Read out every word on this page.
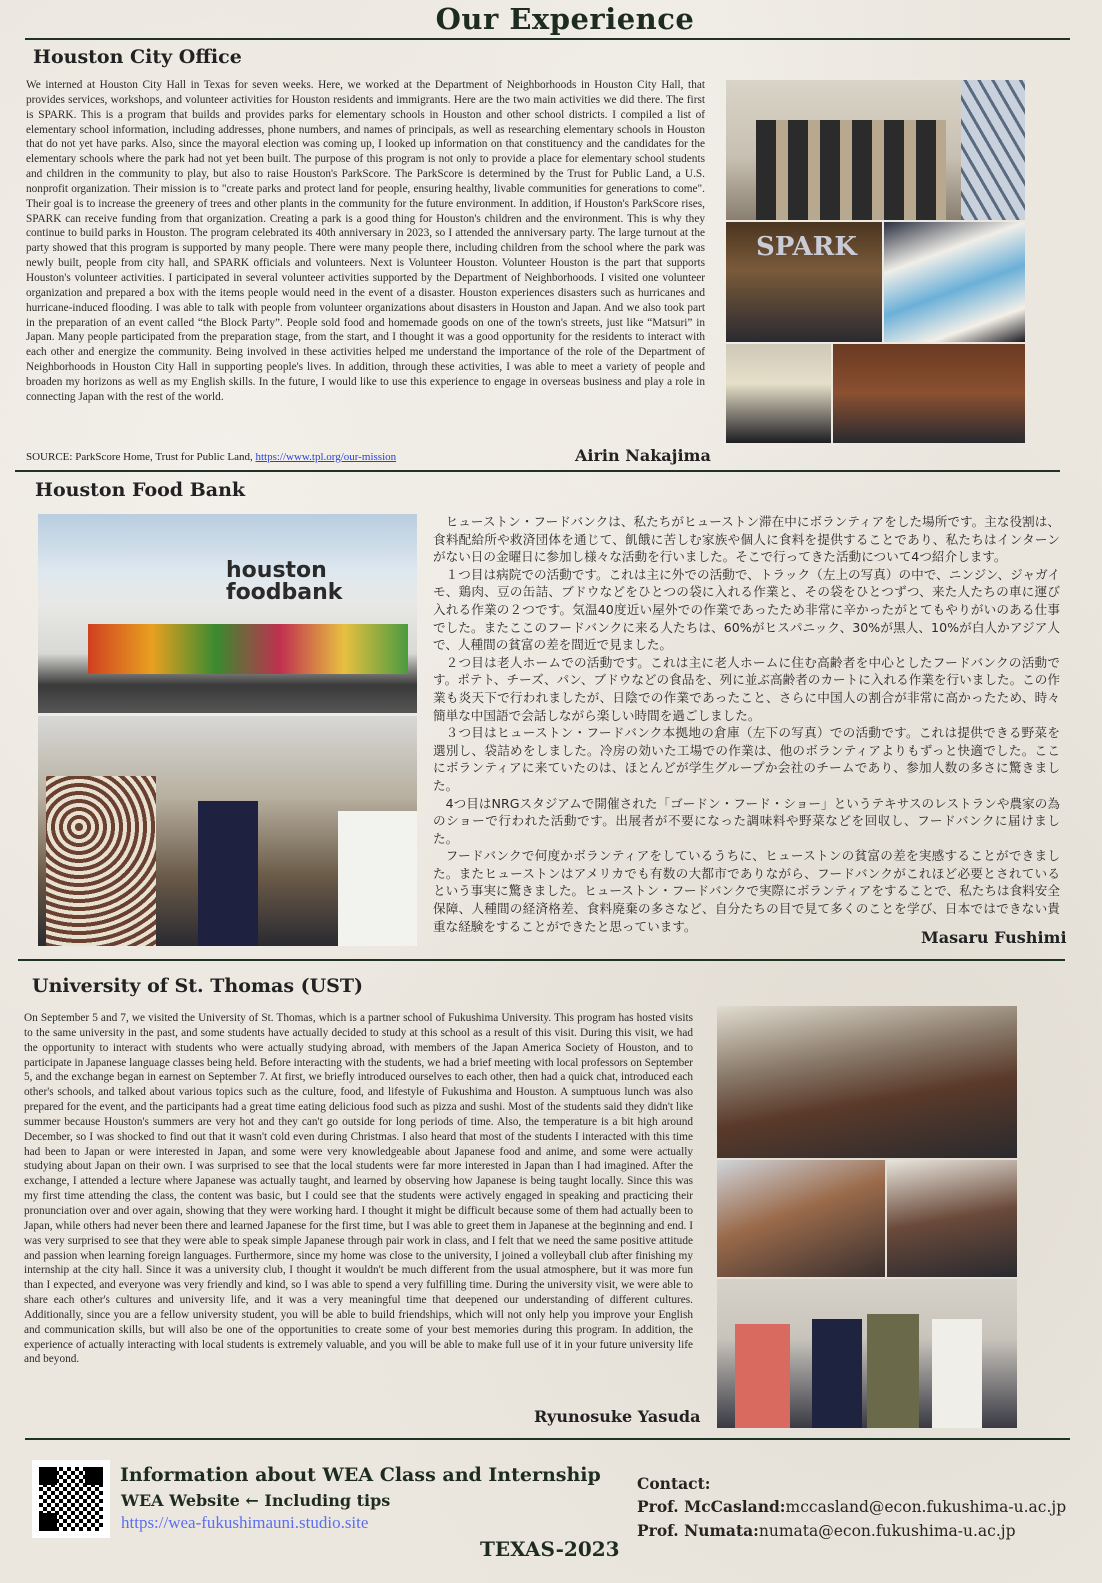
Our Experience
Houston City Office
We interned at Houston City Hall in Texas for seven weeks. Here, we worked at the Department of Neighborhoods in Houston City Hall, that provides services, workshops, and volunteer activities for Houston residents and immigrants. Here are the two main activities we did there. The first is SPARK. This is a program that builds and provides parks for elementary schools in Houston and other school districts. I compiled a list of elementary school information, including addresses, phone numbers, and names of principals, as well as researching elementary schools in Houston that do not yet have parks. Also, since the mayoral election was coming up, I looked up information on that constituency and the candidates for the elementary schools where the park had not yet been built. The purpose of this program is not only to provide a place for elementary school students and children in the community to play, but also to raise Houston's ParkScore. The ParkScore is determined by the Trust for Public Land, a U.S. nonprofit organization. Their mission is to "create parks and protect land for people, ensuring healthy, livable communities for generations to come". Their goal is to increase the greenery of trees and other plants in the community for the future environment. In addition, if Houston's ParkScore rises, SPARK can receive funding from that organization. Creating a park is a good thing for Houston's children and the environment. This is why they continue to build parks in Houston. The program celebrated its 40th anniversary in 2023, so I attended the anniversary party. The large turnout at the party showed that this program is supported by many people. There were many people there, including children from the school where the park was newly built, people from city hall, and SPARK officials and volunteers. Next is Volunteer Houston. Volunteer Houston is the part that supports Houston's volunteer activities. I participated in several volunteer activities supported by the Department of Neighborhoods. I visited one volunteer organization and prepared a box with the items people would need in the event of a disaster. Houston experiences disasters such as hurricanes and hurricane-induced flooding. I was able to talk with people from volunteer organizations about disasters in Houston and Japan. And we also took part in the preparation of an event called “the Block Party”. People sold food and homemade goods on one of the town's streets, just like “Matsuri” in Japan. Many people participated from the preparation stage, from the start, and I thought it was a good opportunity for the residents to interact with each other and energize the community. Being involved in these activities helped me understand the importance of the role of the Department of Neighborhoods in Houston City Hall in supporting people's lives. In addition, through these activities, I was able to meet a variety of people and broaden my horizons as well as my English skills. In the future, I would like to use this experience to engage in overseas business and play a role in connecting Japan with the rest of the world.
SOURCE: ParkScore Home, Trust for Public Land, https://www.tpl.org/our-mission	Airin Nakajima
SPARK
Houston Food Bank
houston foodbank

ヒューストン・フードバンクは、私たちがヒューストン滞在中にボランティアをした場所です。主な役割は、食料配給所や救済団体を通じて、飢餓に苦しむ家族や個人に食料を提供することであり、私たちはインターンがない日の金曜日に参加し様々な活動を行いました。そこで行ってきた活動について4つ紹介します。

１つ目は病院での活動です。これは主に外での活動で、トラック（左上の写真）の中で、ニンジン、ジャガイモ、鶏肉、豆の缶詰、ブドウなどをひとつの袋に入れる作業と、その袋をひとつずつ、来た人たちの車に運び入れる作業の２つです。気温40度近い屋外での作業であったため非常に辛かったがとてもやりがいのある仕事でした。またここのフードバンクに来る人たちは、60%がヒスパニック、30%が黒人、10%が白人かアジア人で、人種間の貧富の差を間近で見ました。

２つ目は老人ホームでの活動です。これは主に老人ホームに住む高齢者を中心としたフードバンクの活動です。ポテト、チーズ、パン、ブドウなどの食品を、列に並ぶ高齢者のカートに入れる作業を行いました。この作業も炎天下で行われましたが、日陰での作業であったこと、さらに中国人の割合が非常に高かったため、時々簡単な中国語で会話しながら楽しい時間を過ごしました。

３つ目はヒューストン・フードバンク本拠地の倉庫（左下の写真）での活動です。これは提供できる野菜を選別し、袋詰めをしました。冷房の効いた工場での作業は、他のボランティアよりもずっと快適でした。ここにボランティアに来ていたのは、ほとんどが学生グループか会社のチームであり、参加人数の多さに驚きました。

4つ目はNRGスタジアムで開催された「ゴードン・フード・ショー」というテキサスのレストランや農家の為のショーで行われた活動です。出展者が不要になった調味料や野菜などを回収し、フードバンクに届けました。

フードバンクで何度かボランティアをしているうちに、ヒューストンの貧富の差を実感することができました。またヒューストンはアメリカでも有数の大都市でありながら、フードバンクがこれほど必要とされているという事実に驚きました。ヒューストン・フードバンクで実際にボランティアをすることで、私たちは食料安全保障、人種間の経済格差、食料廃棄の多さなど、自分たちの目で見て多くのことを学び、日本ではできない貴重な経験をすることができたと思っています。

Masaru Fushimi
University of St. Thomas (UST)
On September 5 and 7, we visited the University of St. Thomas, which is a partner school of Fukushima University. This program has hosted visits to the same university in the past, and some students have actually decided to study at this school as a result of this visit. During this visit, we had the opportunity to interact with students who were actually studying abroad, with members of the Japan America Society of Houston, and to participate in Japanese language classes being held. Before interacting with the students, we had a brief meeting with local professors on September 5, and the exchange began in earnest on September 7. At first, we briefly introduced ourselves to each other, then had a quick chat, introduced each other's schools, and talked about various topics such as the culture, food, and lifestyle of Fukushima and Houston. A sumptuous lunch was also prepared for the event, and the participants had a great time eating delicious food such as pizza and sushi. Most of the students said they didn't like summer because Houston's summers are very hot and they can't go outside for long periods of time. Also, the temperature is a bit high around December, so I was shocked to find out that it wasn't cold even during Christmas. I also heard that most of the students I interacted with this time had been to Japan or were interested in Japan, and some were very knowledgeable about Japanese food and anime, and some were actually studying about Japan on their own. I was surprised to see that the local students were far more interested in Japan than I had imagined. After the exchange, I attended a lecture where Japanese was actually taught, and learned by observing how Japanese is being taught locally. Since this was my first time attending the class, the content was basic, but I could see that the students were actively engaged in speaking and practicing their pronunciation over and over again, showing that they were working hard. I thought it might be difficult because some of them had actually been to Japan, while others had never been there and learned Japanese for the first time, but I was able to greet them in Japanese at the beginning and end. I was very surprised to see that they were able to speak simple Japanese through pair work in class, and I felt that we need the same positive attitude and passion when learning foreign languages. Furthermore, since my home was close to the university, I joined a volleyball club after finishing my internship at the city hall. Since it was a university club, I thought it wouldn't be much different from the usual atmosphere, but it was more fun than I expected, and everyone was very friendly and kind, so I was able to spend a very fulfilling time. During the university visit, we were able to share each other's cultures and university life, and it was a very meaningful time that deepened our understanding of different cultures. Additionally, since you are a fellow university student, you will be able to build friendships, which will not only help you improve your English and communication skills, but will also be one of the opportunities to create some of your best memories during this program. In addition, the experience of actually interacting with local students is extremely valuable, and you will be able to make full use of it in your future university life and beyond.
Ryunosuke Yasuda
Information about WEA Class and Internship
WEA Website ← Including tips
https://wea-fukushimauni.studio.site
Contact:
Prof. McCasland:mccasland@econ.fukushima-u.ac.jp
Prof. Numata:numata@econ.fukushima-u.ac.jp
TEXAS-2023
